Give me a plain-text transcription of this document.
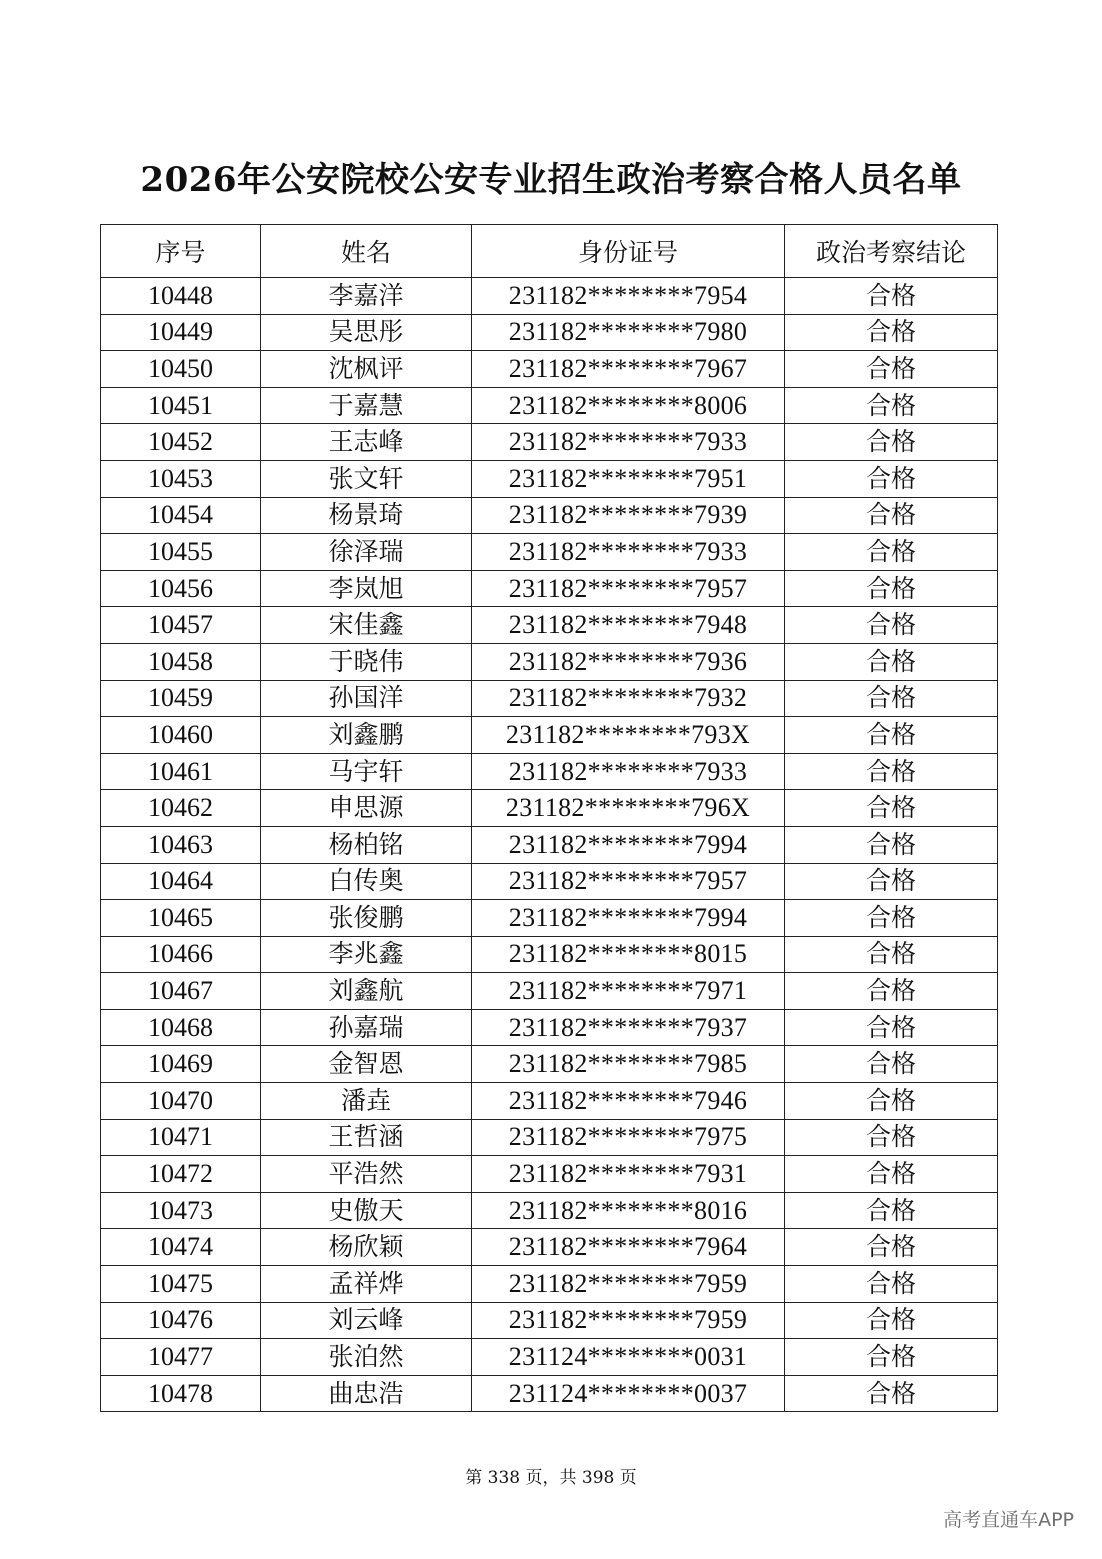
2026年公安院校公安专业招生政治考察合格人员名单
序号	姓名	身份证号	政治考察结论
10448	李嘉洋	231182********7954	合格
10449	吴思彤	231182********7980	合格
10450	沈枫评	231182********7967	合格
10451	于嘉慧	231182********8006	合格
10452	王志峰	231182********7933	合格
10453	张文轩	231182********7951	合格
10454	杨景琦	231182********7939	合格
10455	徐泽瑞	231182********7933	合格
10456	李岚旭	231182********7957	合格
10457	宋佳鑫	231182********7948	合格
10458	于晓伟	231182********7936	合格
10459	孙国洋	231182********7932	合格
10460	刘鑫鹏	231182********793X	合格
10461	马宇轩	231182********7933	合格
10462	申思源	231182********796X	合格
10463	杨柏铭	231182********7994	合格
10464	白传奥	231182********7957	合格
10465	张俊鹏	231182********7994	合格
10466	李兆鑫	231182********8015	合格
10467	刘鑫航	231182********7971	合格
10468	孙嘉瑞	231182********7937	合格
10469	金智恩	231182********7985	合格
10470	潘垚	231182********7946	合格
10471	王哲涵	231182********7975	合格
10472	平浩然	231182********7931	合格
10473	史傲天	231182********8016	合格
10474	杨欣颖	231182********7964	合格
10475	孟祥烨	231182********7959	合格
10476	刘云峰	231182********7959	合格
10477	张泊然	231124********0031	合格
10478	曲忠浩	231124********0037	合格
第 338 页，共 398 页
高考直通车APP
